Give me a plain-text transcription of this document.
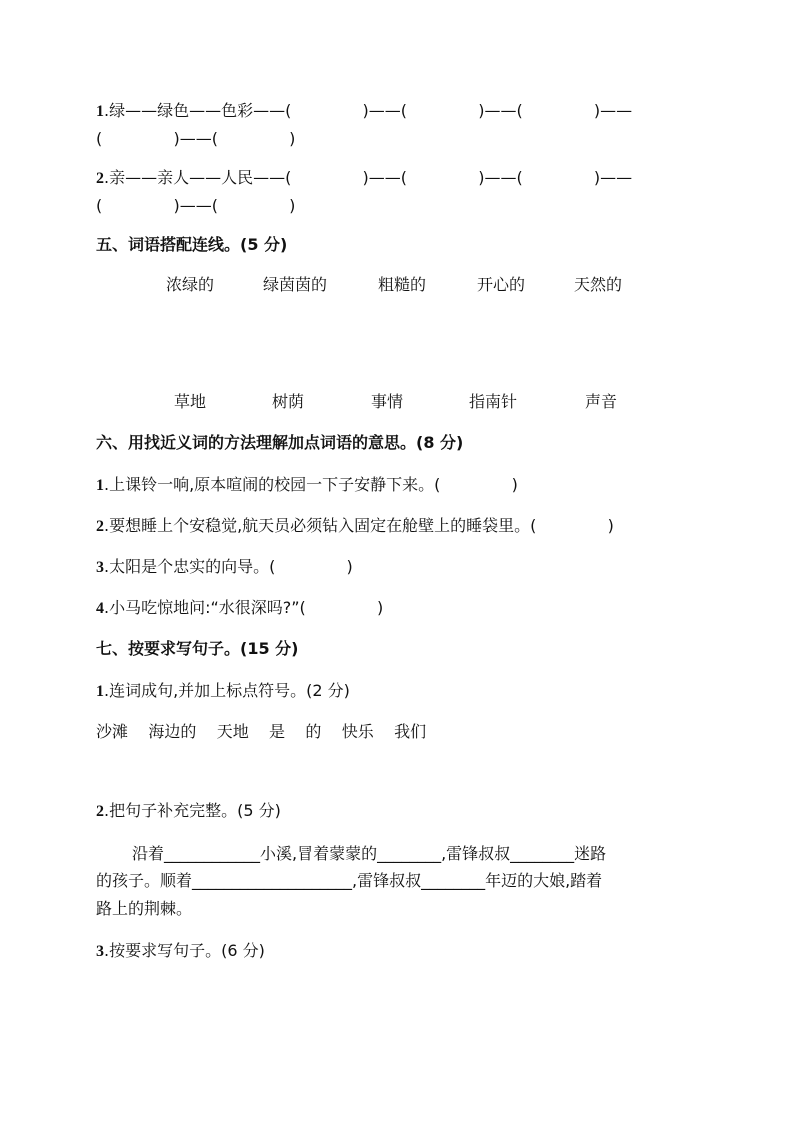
1.绿——绿色——色彩——(              )——(              )——(              )——
(              )——(              )
2.亲——亲人——人民——(              )——(              )——(              )——
(              )——(              )
五、词语搭配连线。(5 分)
浓绿的	绿茵茵的	粗糙的	开心的	天然的
草地	树荫	事情	指南针	声音
六、用找近义词的方法理解加点词语的意思。(8 分)
1.上课铃一响,原本喧闹的校园一下子安静下来。(              )
2.要想睡上个安稳觉,航天员必须钻入固定在舱壁上的睡袋里。(              )
3.太阳是个忠实的向导。(              )
4.小马吃惊地问:“水很深吗?”(              )
七、按要求写句子。(15 分)
1.连词成句,并加上标点符号。(2 分)
沙滩    海边的    天地    是    的    快乐    我们
2.把句子补充完整。(5 分)
沿着____________小溪,冒着蒙蒙的________,雷锋叔叔________迷路
的孩子。顺着____________________,雷锋叔叔________年迈的大娘,踏着
路上的荆棘。
3.按要求写句子。(6 分)
